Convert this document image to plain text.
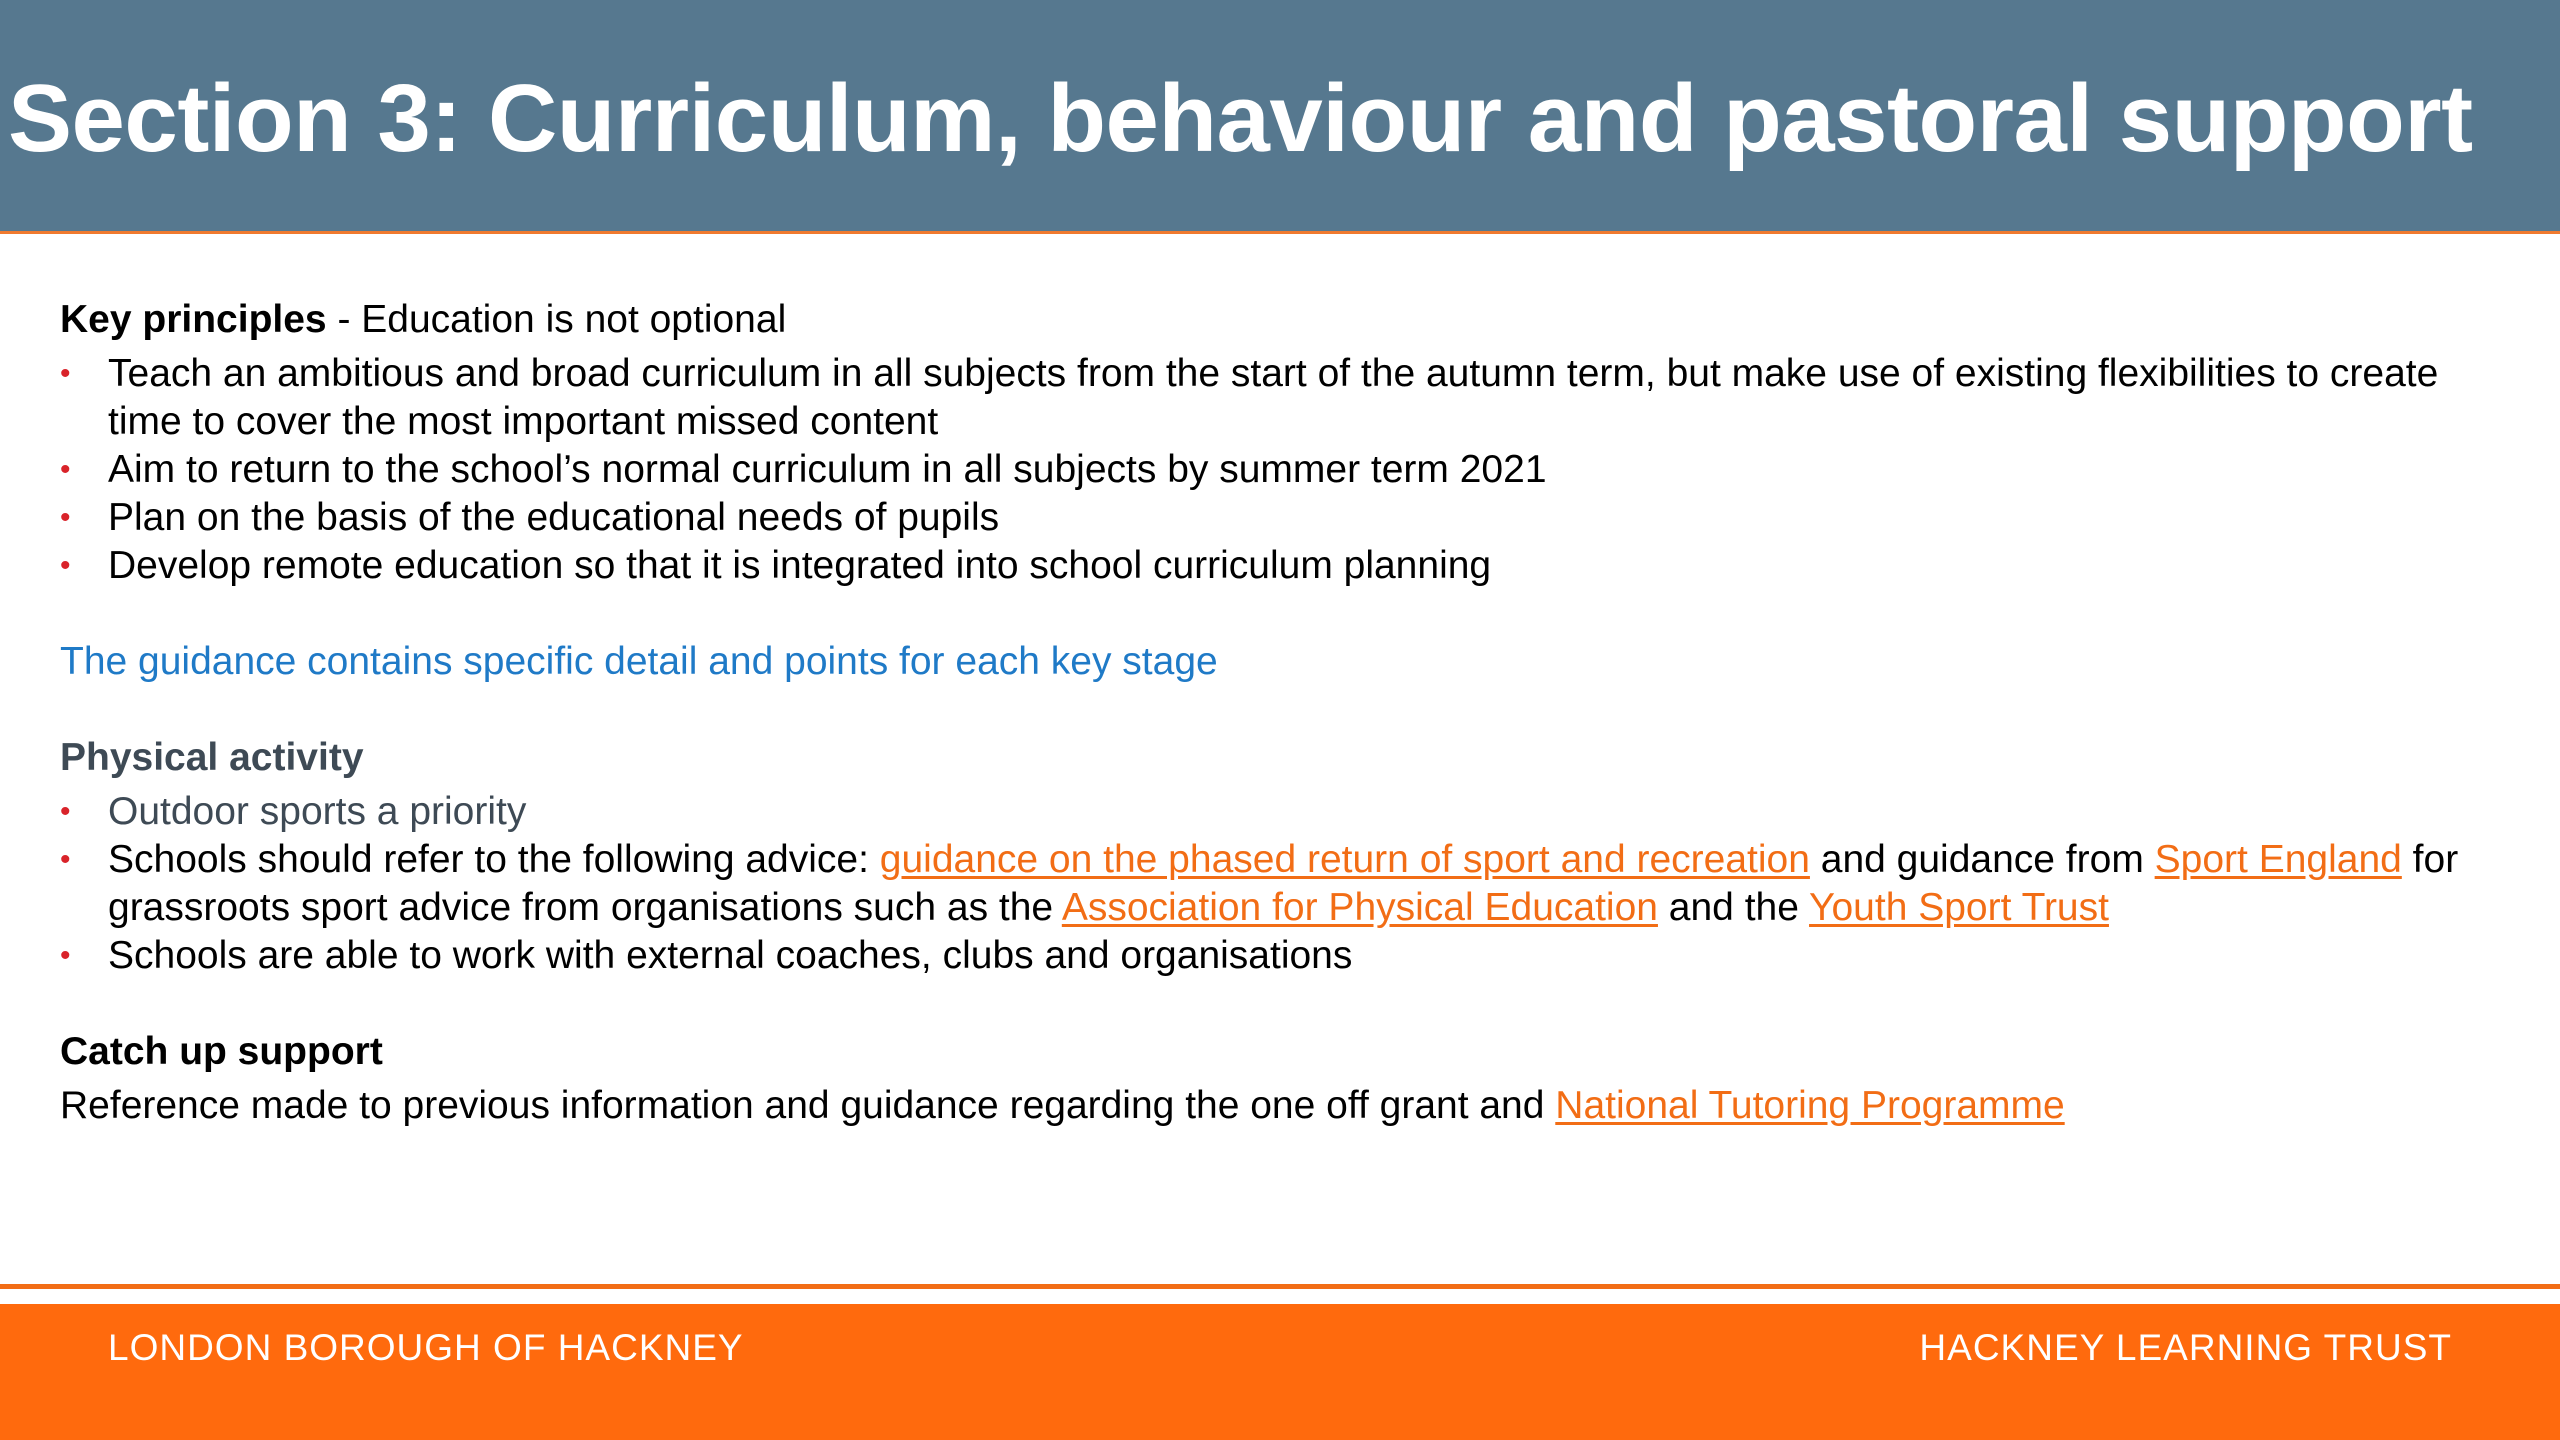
Section 3: Curriculum, behaviour and pastoral support

Key principles - Education is not optional

• Teach an ambitious and broad curriculum in all subjects from the start of the autumn term, but make use of existing flexibilities to create time to cover the most important missed content
• Aim to return to the school’s normal curriculum in all subjects by summer term 2021
• Plan on the basis of the educational needs of pupils
• Develop remote education so that it is integrated into school curriculum planning

The guidance contains specific detail and points for each key stage

Physical activity

• Outdoor sports a priority
• Schools should refer to the following advice: guidance on the phased return of sport and recreation and guidance from Sport England for grassroots sport advice from organisations such as the Association for Physical Education and the Youth Sport Trust
• Schools are able to work with external coaches, clubs and organisations

Catch up support

Reference made to previous information and guidance regarding the one off grant and National Tutoring Programme

LONDON BOROUGH OF HACKNEY	HACKNEY LEARNING TRUST
